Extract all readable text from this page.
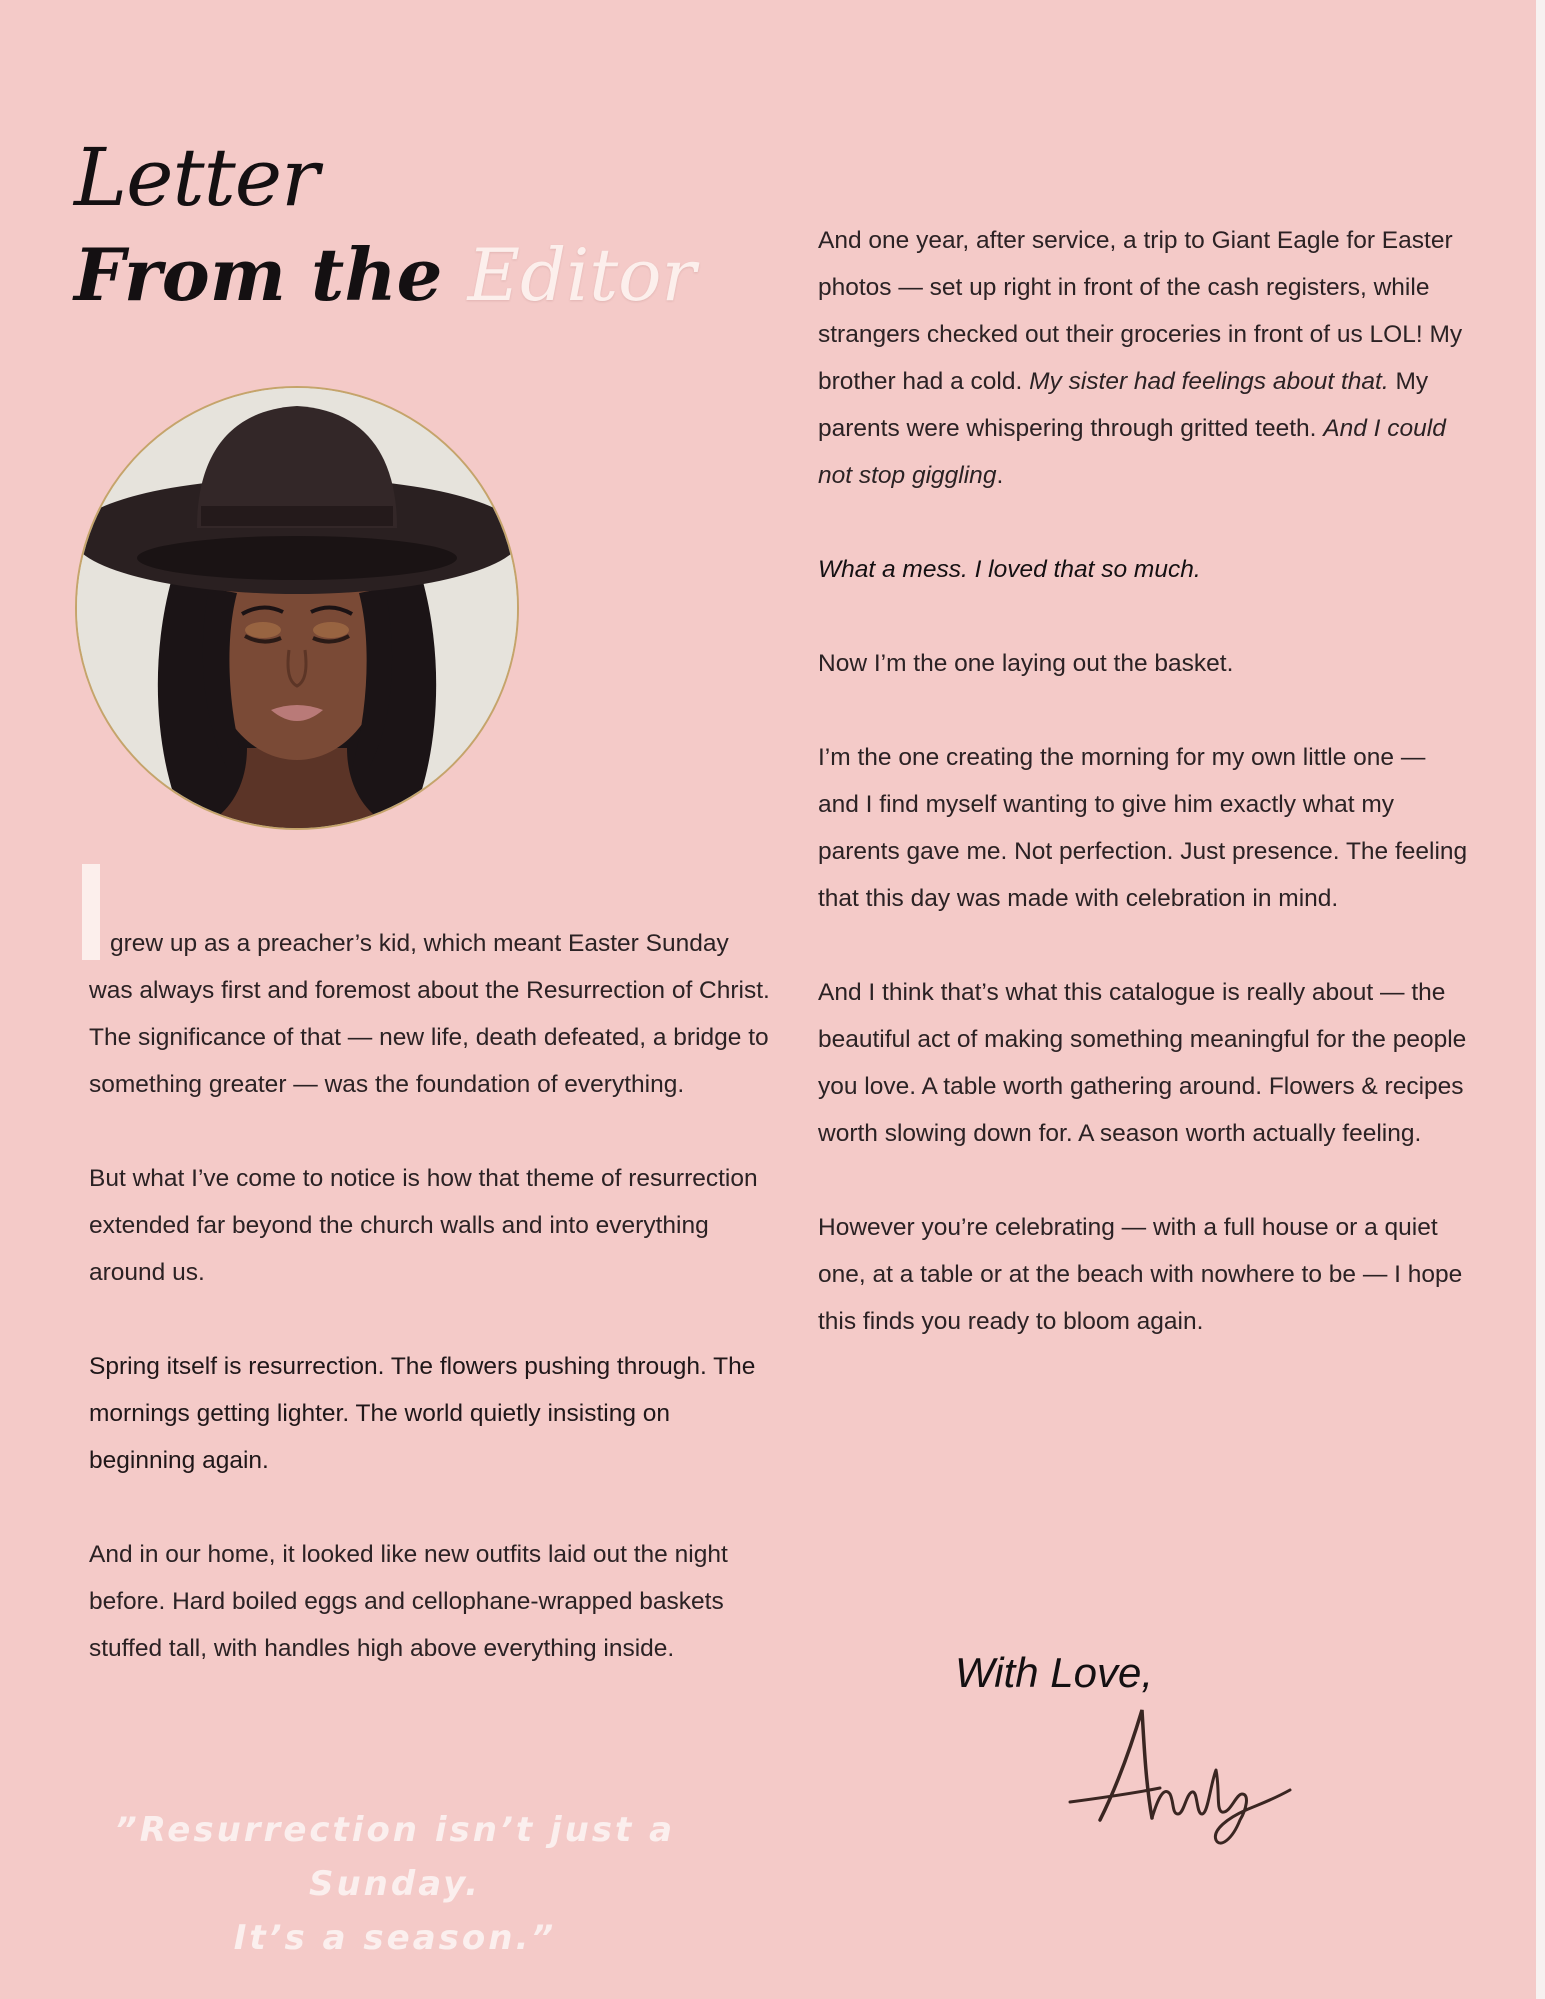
Letter
From the Editor

grew up as a preacher’s kid, which meant Easter Sunday was always first and foremost about the Resurrection of Christ. The significance of that — new life, death defeated, a bridge to something greater — was the foundation of everything.

But what I’ve come to notice is how that theme of resurrection extended far beyond the church walls and into everything around us.

Spring itself is resurrection. The flowers pushing through. The mornings getting lighter. The world quietly insisting on beginning again.

And in our home, it looked like new outfits laid out the night before. Hard boiled eggs and cellophane-wrapped baskets stuffed tall, with handles high above everything inside.

And one year, after service, a trip to Giant Eagle for Easter photos — set up right in front of the cash registers, while strangers checked out their groceries in front of us LOL! My brother had a cold. My sister had feelings about that. My parents were whispering through gritted teeth. And I could not stop giggling.

What a mess. I loved that so much.

Now I’m the one laying out the basket.

I’m the one creating the morning for my own little one — and I find myself wanting to give him exactly what my parents gave me. Not perfection. Just presence. The feeling that this day was made with celebration in mind.

And I think that’s what this catalogue is really about — the beautiful act of making something meaningful for the people you love. A table worth gathering around. Flowers & recipes worth slowing down for. A season worth actually feeling.

However you’re celebrating — with a full house or a quiet one, at a table or at the beach with nowhere to be — I hope this finds you ready to bloom again.

”Resurrection isn’t just a Sunday.
It’s a season.”

With Love,
